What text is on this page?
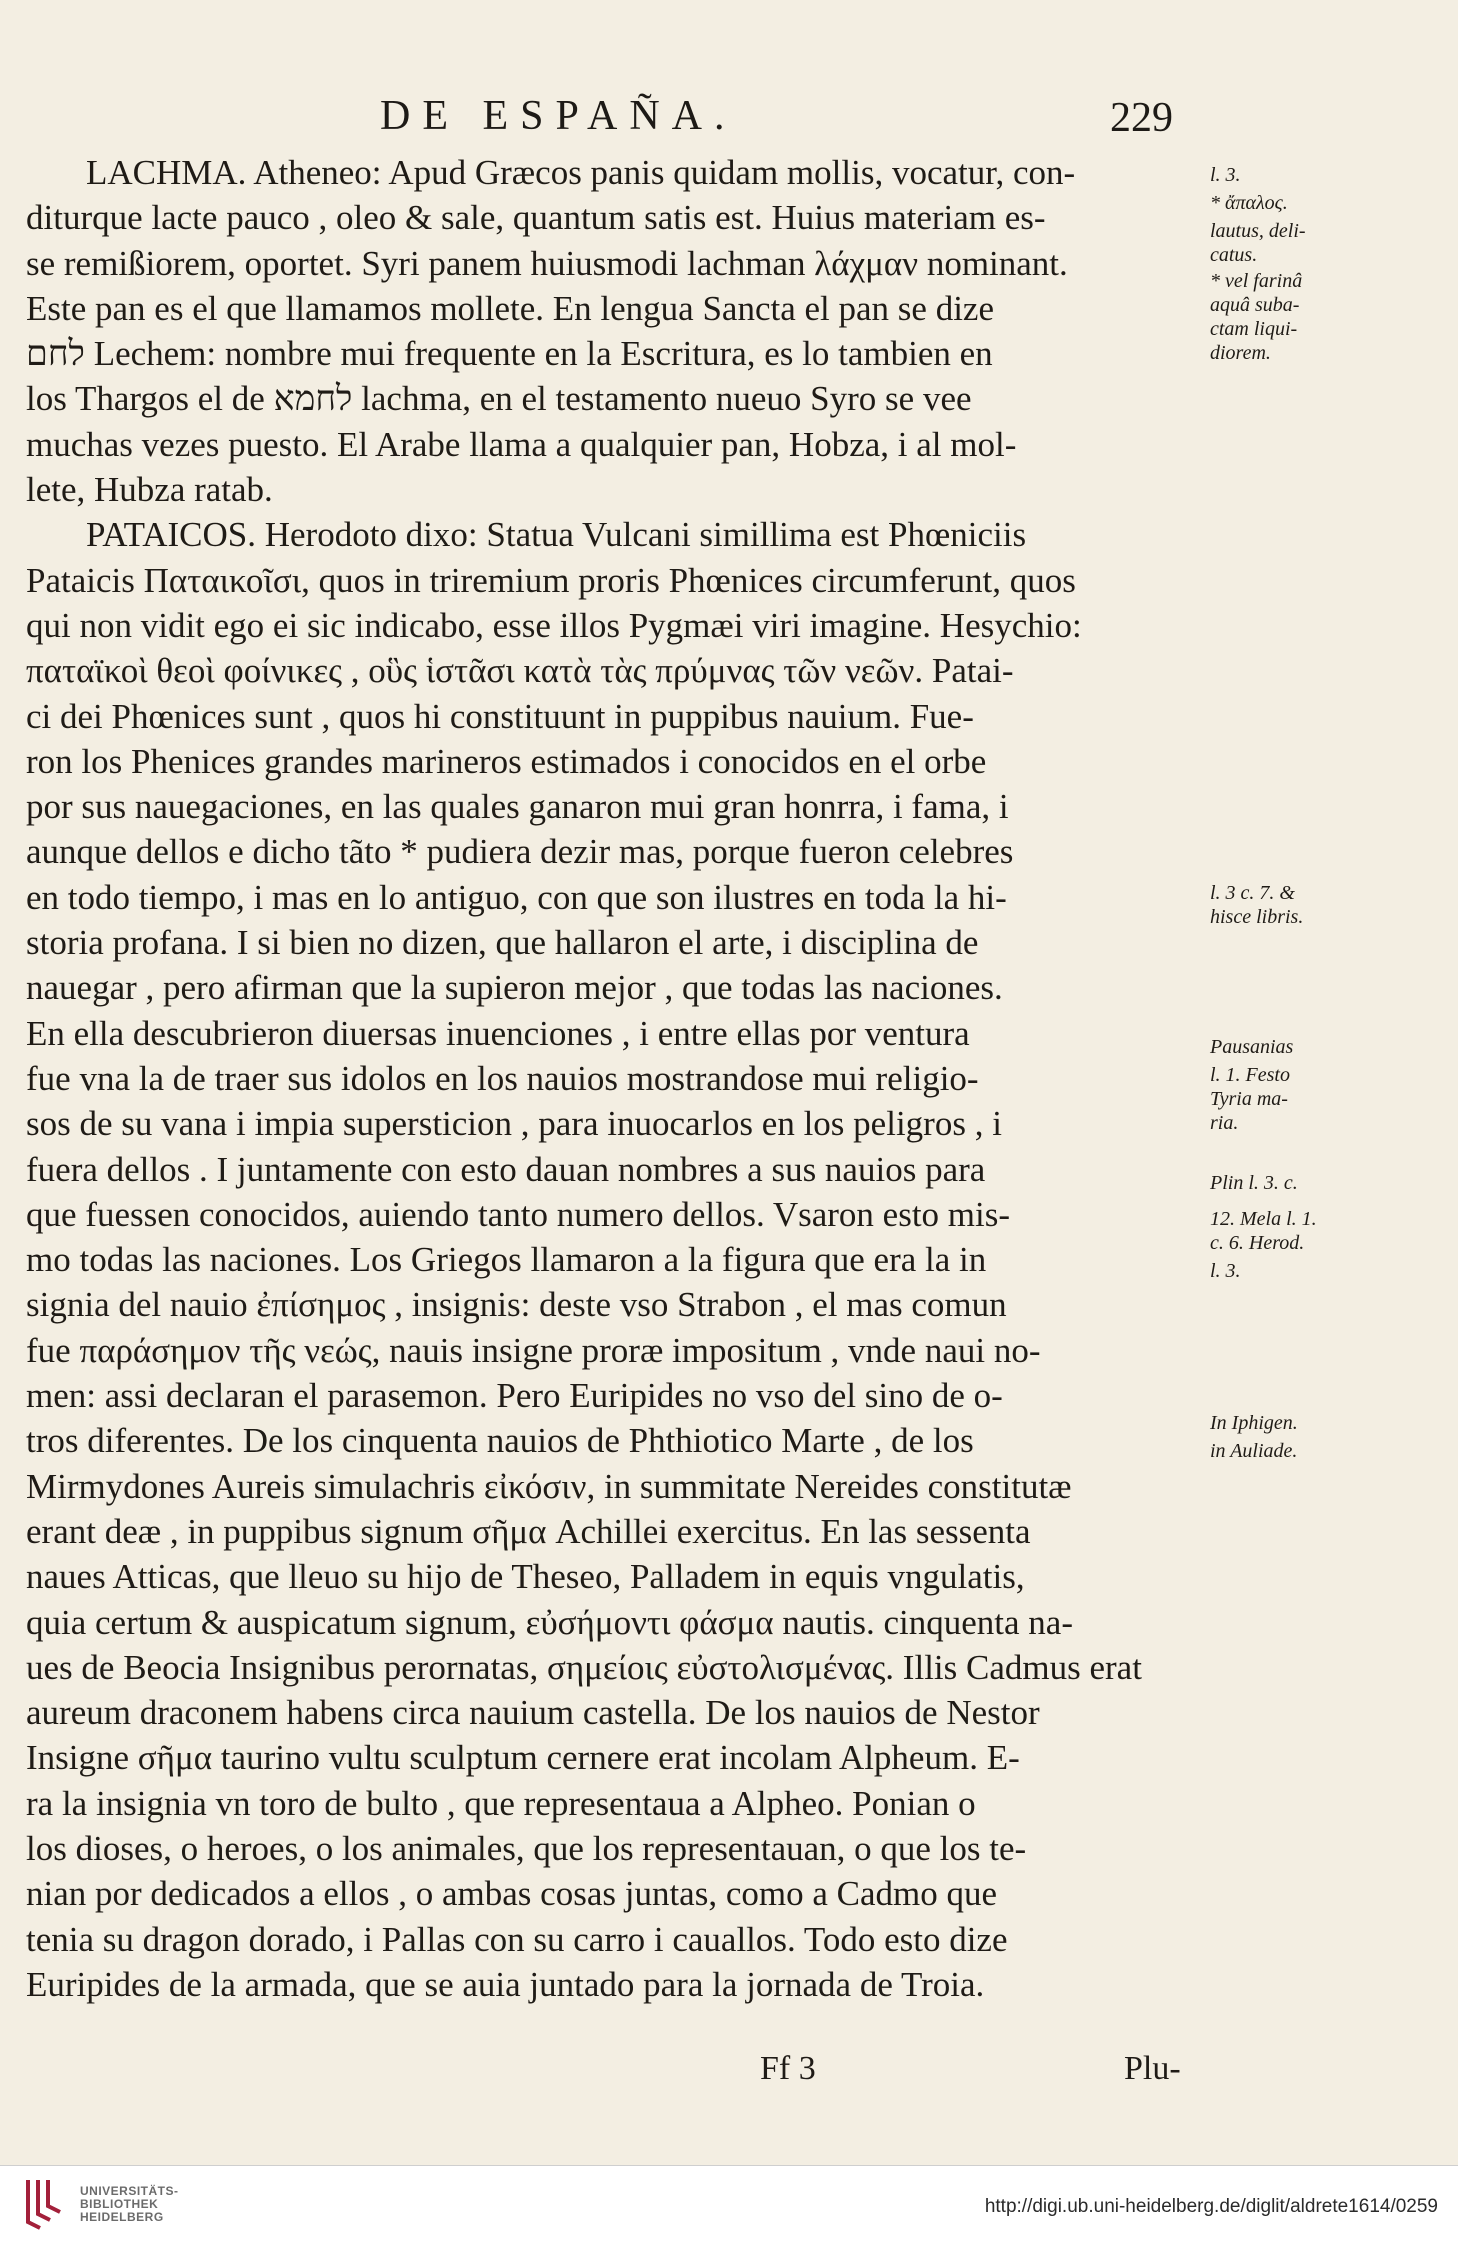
DE ESPAÑA.	229
LACHMA. Atheneo: Apud Græcos panis quidam mollis, vocatur, con-
diturque lacte pauco , oleo & sale, quantum satis est. Huius materiam es-
se remißiorem, oportet. Syri panem huiusmodi lachman λάχμαν nominant.
Este pan es el que llamamos mollete. En lengua Sancta el pan se dize
לחם Lechem: nombre mui frequente en la Escritura, es lo tambien en
los Thargos el de לחמא lachma, en el testamento nueuo Syro se vee
muchas vezes puesto. El Arabe llama a qualquier pan, Hobza, i al mol-
lete, Hubza ratab.
PATAICOS. Herodoto dixo: Statua Vulcani simillima est Phœniciis
Pataicis Παταικοῖσι, quos in triremium proris Phœnices circumferunt, quos
qui non vidit ego ei sic indicabo, esse illos Pygmæi viri imagine. Hesychio:
παταϊκοὶ θεοὶ φοίνικες , οὓς ἱστᾶσι κατὰ τὰς πρύμνας τῶν νεῶν. Patai-
ci dei Phœnices sunt , quos hi constituunt in puppibus nauium. Fue-
ron los Phenices grandes marineros estimados i conocidos en el orbe
por sus nauegaciones, en las quales ganaron mui gran honrra, i fama, i
aunque dellos e dicho tãto * pudiera dezir mas, porque fueron celebres
en todo tiempo, i mas en lo antiguo, con que son ilustres en toda la hi-
storia profana. I si bien no dizen, que hallaron el arte, i disciplina de
nauegar , pero afirman que la supieron mejor , que todas las naciones.
En ella descubrieron diuersas inuenciones , i entre ellas por ventura
fue vna la de traer sus idolos en los nauios mostrandose mui religio-
sos de su vana i impia supersticion , para inuocarlos en los peligros , i
fuera dellos . I juntamente con esto dauan nombres a sus nauios para
que fuessen conocidos, auiendo tanto numero dellos. Vsaron esto mis-
mo todas las naciones. Los Griegos llamaron a la figura que era la in
signia del nauio ἐπίσημος , insignis: deste vso Strabon , el mas comun
fue παράσημον τῆς νεώς, nauis insigne proræ impositum , vnde naui no-
men: assi declaran el parasemon. Pero Euripides no vso del sino de o-
tros diferentes. De los cinquenta nauios de Phthiotico Marte , de los
Mirmydones Aureis simulachris εἰκόσιν, in summitate Nereides constitutæ
erant deæ , in puppibus signum σῆμα Achillei exercitus. En las sessenta
naues Atticas, que lleuo su hijo de Theseo, Palladem in equis vngulatis,
quia certum & auspicatum signum, εὐσήμοντι φάσμα nautis. cinquenta na-
ues de Beocia Insignibus perornatas, σημείοις εὐστολισμένας. Illis Cadmus erat
aureum draconem habens circa nauium castella. De los nauios de Nestor
Insigne σῆμα taurino vultu sculptum cernere erat incolam Alpheum. E-
ra la insignia vn toro de bulto , que representaua a Alpheo. Ponian o
los dioses, o heroes, o los animales, que los representauan, o que los te-
nian por dedicados a ellos , o ambas cosas juntas, como a Cadmo que
tenia su dragon dorado, i Pallas con su carro i cauallos. Todo esto dize
Euripides de la armada, que se auia juntado para la jornada de Troia.
l. 3.
* ἄπαλος.
lautus, deli-
catus.
* vel farinâ
aquâ suba-
ctam liqui-
diorem.
l. 3 c. 7. &
hisce libris.
Pausanias
l. 1. Festo
Tyria ma-
ria.
Plin l. 3. c.
12. Mela l. 1.
c. 6. Herod.
l. 3.
In Iphigen.
in Auliade.
Ff 3	Plu-
UNIVERSITÄTS-
BIBLIOTHEK
HEIDELBERG	http://digi.ub.uni-heidelberg.de/diglit/aldrete1614/0259
